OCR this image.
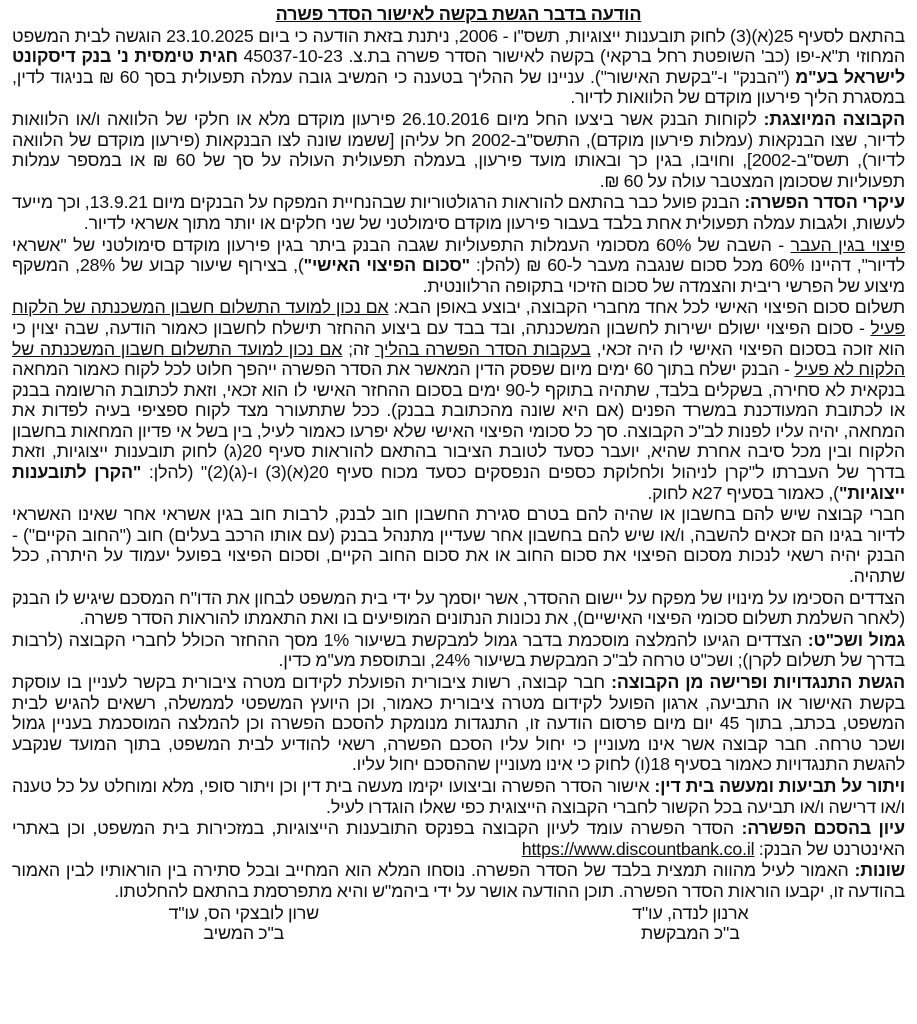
הודעה בדבר הגשת בקשה לאישור הסדר פשרה
בהתאם לסעיף 25(א)(3) לחוק תובענות ייצוגיות, תשס"ו - 2006, ניתנת בזאת הודעה כי ביום 23.10.2025 הוגשה לבית המשפט המחוזי ת"א-יפו (כב' השופטת רחל ברקאי) בקשה לאישור הסדר פשרה בת.צ. 45037-10-23 חגית טימסית נ' בנק דיסקונט לישראל בע"מ ("הבנק" ו-"בקשת האישור"). עניינו של ההליך בטענה כי המשיב גובה עמלה תפעולית בסך 60 ₪ בניגוד לדין, במסגרת הליך פירעון מוקדם של הלוואות לדיור.
הקבוצה המיוצגת: לקוחות הבנק אשר ביצעו החל מיום 26.10.2016 פירעון מוקדם מלא או חלקי של הלוואה ו/או הלוואות לדיור, שצו הבנקאות (עמלות פירעון מוקדם), התשס"ב-2002 חל עליהן [ששמו שונה לצו הבנקאות (פירעון מוקדם של הלוואה לדיור), תשס"ב-2002], וחויבו, בגין כך ובאותו מועד פירעון, בעמלה תפעולית העולה על סך של 60 ₪ או במספר עמלות תפעוליות שסכומן המצטבר עולה על 60 ₪.
עיקרי הסדר הפשרה: הבנק פועל כבר בהתאם להוראות הרגולטוריות שבהנחיית המפקח על הבנקים מיום 13.9.21, וכך מייעד לעשות, ולגבות עמלה תפעולית אחת בלבד בעבור פירעון מוקדם סימולטני של שני חלקים או יותר מתוך אשראי לדיור.
פיצוי בגין העבר - השבה של 60% מסכומי העמלות התפעוליות שגבה הבנק ביתר בגין פירעון מוקדם סימולטני של "אשראי לדיור", דהיינו 60% מכל סכום שנגבה מעבר ל-60 ₪ (להלן: "סכום הפיצוי האישי"), בצירוף שיעור קבוע של 28%, המשקף מיצוע של הפרשי ריבית והצמדה של סכום הזיכוי בתקופה הרלוונטית.
תשלום סכום הפיצוי האישי לכל אחד מחברי הקבוצה, יבוצע באופן הבא: אם נכון למועד התשלום חשבון המשכנתה של הלקוח פעיל - סכום הפיצוי ישולם ישירות לחשבון המשכנתה, ובד בבד עם ביצוע ההחזר תישלח לחשבון כאמור הודעה, שבה יצוין כי הוא זוכה בסכום הפיצוי האישי לו היה זכאי, בעקבות הסדר הפשרה בהליך זה; אם נכון למועד התשלום חשבון המשכנתה של הלקוח לא פעיל - הבנק ישלח בתוך 60 ימים מיום שפסק הדין המאשר את הסדר הפשרה ייהפך חלוט לכל לקוח כאמור המחאה בנקאית לא סחירה, בשקלים בלבד, שתהיה בתוקף ל-90 ימים בסכום ההחזר האישי לו הוא זכאי, וזאת לכתובת הרשומה בבנק או לכתובת המעודכנת במשרד הפנים (אם היא שונה מהכתובת בבנק). ככל שתתעורר מצד לקוח ספציפי בעיה לפדות את המחאה, יהיה עליו לפנות לב"כ הקבוצה. סך כל סכומי הפיצוי האישי שלא יפרעו כאמור לעיל, בין בשל אי פדיון המחאות בחשבון הלקוח ובין מכל סיבה אחרת שהיא, יועבר כסעד לטובת הציבור בהתאם להוראות סעיף 20(ג) לחוק תובענות ייצוגיות, וזאת בדרך של העברתו ל"קרן לניהול ולחלוקת כספים הנפסקים כסעד מכוח סעיף 20(א)(3) ו-(ג)(2)" (להלן: "הקרן לתובענות ייצוגיות"), כאמור בסעיף 27א לחוק.
חברי קבוצה שיש להם בחשבון או שהיה להם בטרם סגירת החשבון חוב לבנק, לרבות חוב בגין אשראי אחר שאינו האשראי לדיור בגינו הם זכאים להשבה, ו/או שיש להם בחשבון אחר שעדיין מתנהל בבנק (עם אותו הרכב בעלים) חוב ("החוב הקיים") - הבנק יהיה רשאי לנכות מסכום הפיצוי את סכום החוב או את סכום החוב הקיים, וסכום הפיצוי בפועל יעמוד על היתרה, ככל שתהיה.
הצדדים הסכימו על מינויו של מפקח על יישום ההסדר, אשר יוסמך על ידי בית המשפט לבחון את הדו"ח המסכם שיגיש לו הבנק (לאחר השלמת תשלום סכומי הפיצוי האישיים), את נכונות הנתונים המופיעים בו ואת התאמתו להוראות הסדר פשרה.
גמול ושכ"ט: הצדדים הגיעו להמלצה מוסכמת בדבר גמול למבקשת בשיעור 1% מסך ההחזר הכולל לחברי הקבוצה (לרבות בדרך של תשלום לקרן); ושכ"ט טרחה לב"כ המבקשת בשיעור 24%, ובתוספת מע"מ כדין.
הגשת התנגדויות ופרישה מן הקבוצה: חבר קבוצה, רשות ציבורית הפועלת לקידום מטרה ציבורית בקשר לעניין בו עוסקת בקשת האישור או התביעה, ארגון הפועל לקידום מטרה ציבורית כאמור, וכן היועץ המשפטי לממשלה, רשאים להגיש לבית המשפט, בכתב, בתוך 45 יום מיום פרסום הודעה זו, התנגדות מנומקת להסכם הפשרה וכן להמלצה המוסכמת בעניין גמול ושכר טרחה. חבר קבוצה אשר אינו מעוניין כי יחול עליו הסכם הפשרה, רשאי להודיע לבית המשפט, בתוך המועד שנקבע להגשת התנגדויות כאמור בסעיף 18(ו) לחוק כי אינו מעוניין שההסכם יחול עליו.
ויתור על תביעות ומעשה בית דין: אישור הסדר הפשרה וביצועו יקימו מעשה בית דין וכן ויתור סופי, מלא ומוחלט על כל טענה ו/או דרישה ו/או תביעה בכל הקשור לחברי הקבוצה הייצוגית כפי שאלו הוגדרו לעיל.
עיון בהסכם הפשרה: הסדר הפשרה עומד לעיון הקבוצה בפנקס התובענות הייצוגיות, במזכירות בית המשפט, וכן באתרי האינטרנט של הבנק: https://www.discountbank.co.il
שונות: האמור לעיל מהווה תמצית בלבד של הסדר הפשרה. נוסחו המלא הוא המחייב ובכל סתירה בין הוראותיו לבין האמור בהודעה זו, יקבעו הוראות הסדר הפשרה. תוכן ההודעה אושר על ידי ביהמ"ש והיא מתפרסמת בהתאם להחלטתו.
ארנון לנדה, עו"ד
ב"כ המבקשת
שרון לובצקי הס, עו"ד
ב"כ המשיב
